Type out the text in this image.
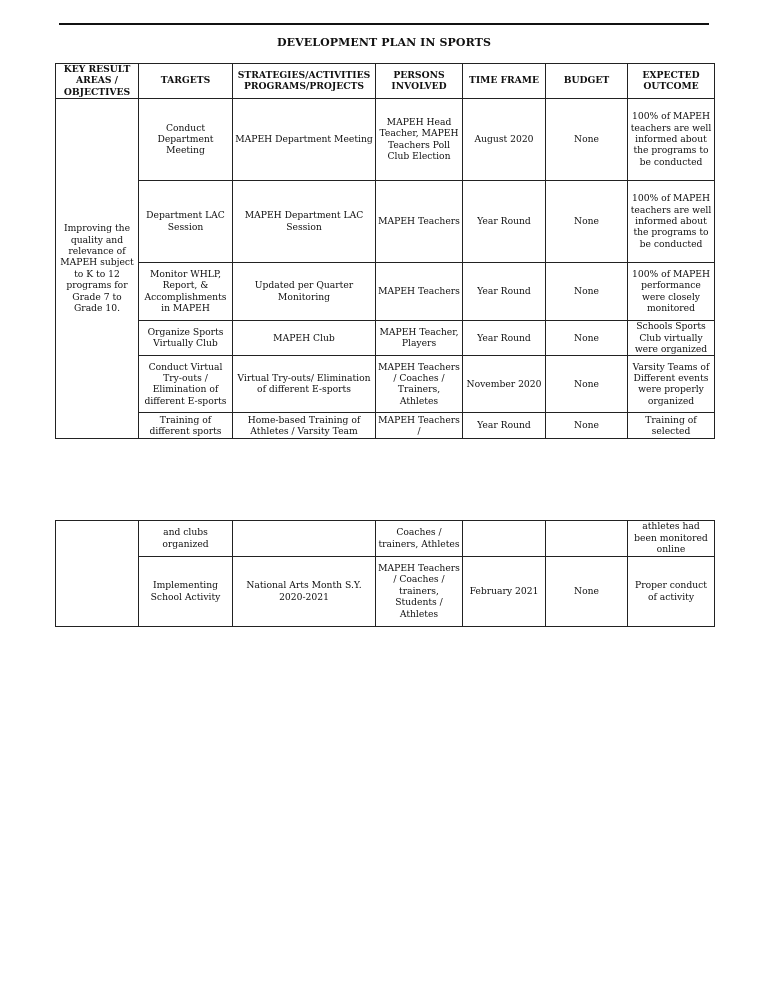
DEVELOPMENT PLAN IN SPORTS
KEY RESULT AREAS / OBJECTIVES	TARGETS	STRATEGIES/ACTIVITIES PROGRAMS/PROJECTS	PERSONS INVOLVED	TIME FRAME	BUDGET	EXPECTED OUTCOME
Improving the quality and relevance of MAPEH subject to K to 12 programs for Grade 7 to Grade 10.	Conduct Department Meeting	MAPEH Department Meeting	MAPEH Head Teacher, MAPEH Teachers Poll Club Election	August 2020	None	100% of MAPEH teachers are well informed about the programs to be conducted
	Department LAC Session	MAPEH Department LAC Session	MAPEH Teachers	Year Round	None	100% of MAPEH teachers are well informed about the programs to be conducted
	Monitor WHLP, Report, & Accomplishments in MAPEH	Updated per Quarter Monitoring	MAPEH Teachers	Year Round	None	100% of MAPEH performance were closely monitored
	Organize Sports Virtually Club	MAPEH Club	MAPEH Teacher, Players	Year Round	None	Schools Sports Club virtually were organized
	Conduct Virtual Try-outs / Elimination of different E-sports	Virtual Try-outs/ Elimination of different E-sports	MAPEH Teachers / Coaches / Trainers, Athletes	November 2020	None	Varsity Teams of Different events were properly organized
	Training of different sports	Home-based Training of Athletes / Varsity Team	MAPEH Teachers /	Year Round	None	Training of selected
	and clubs organized		Coaches / trainers, Athletes			athletes had been monitored online
	Implementing School Activity	National Arts Month S.Y. 2020-2021	MAPEH Teachers / Coaches / trainers, Students / Athletes	February 2021	None	Proper conduct of activity
